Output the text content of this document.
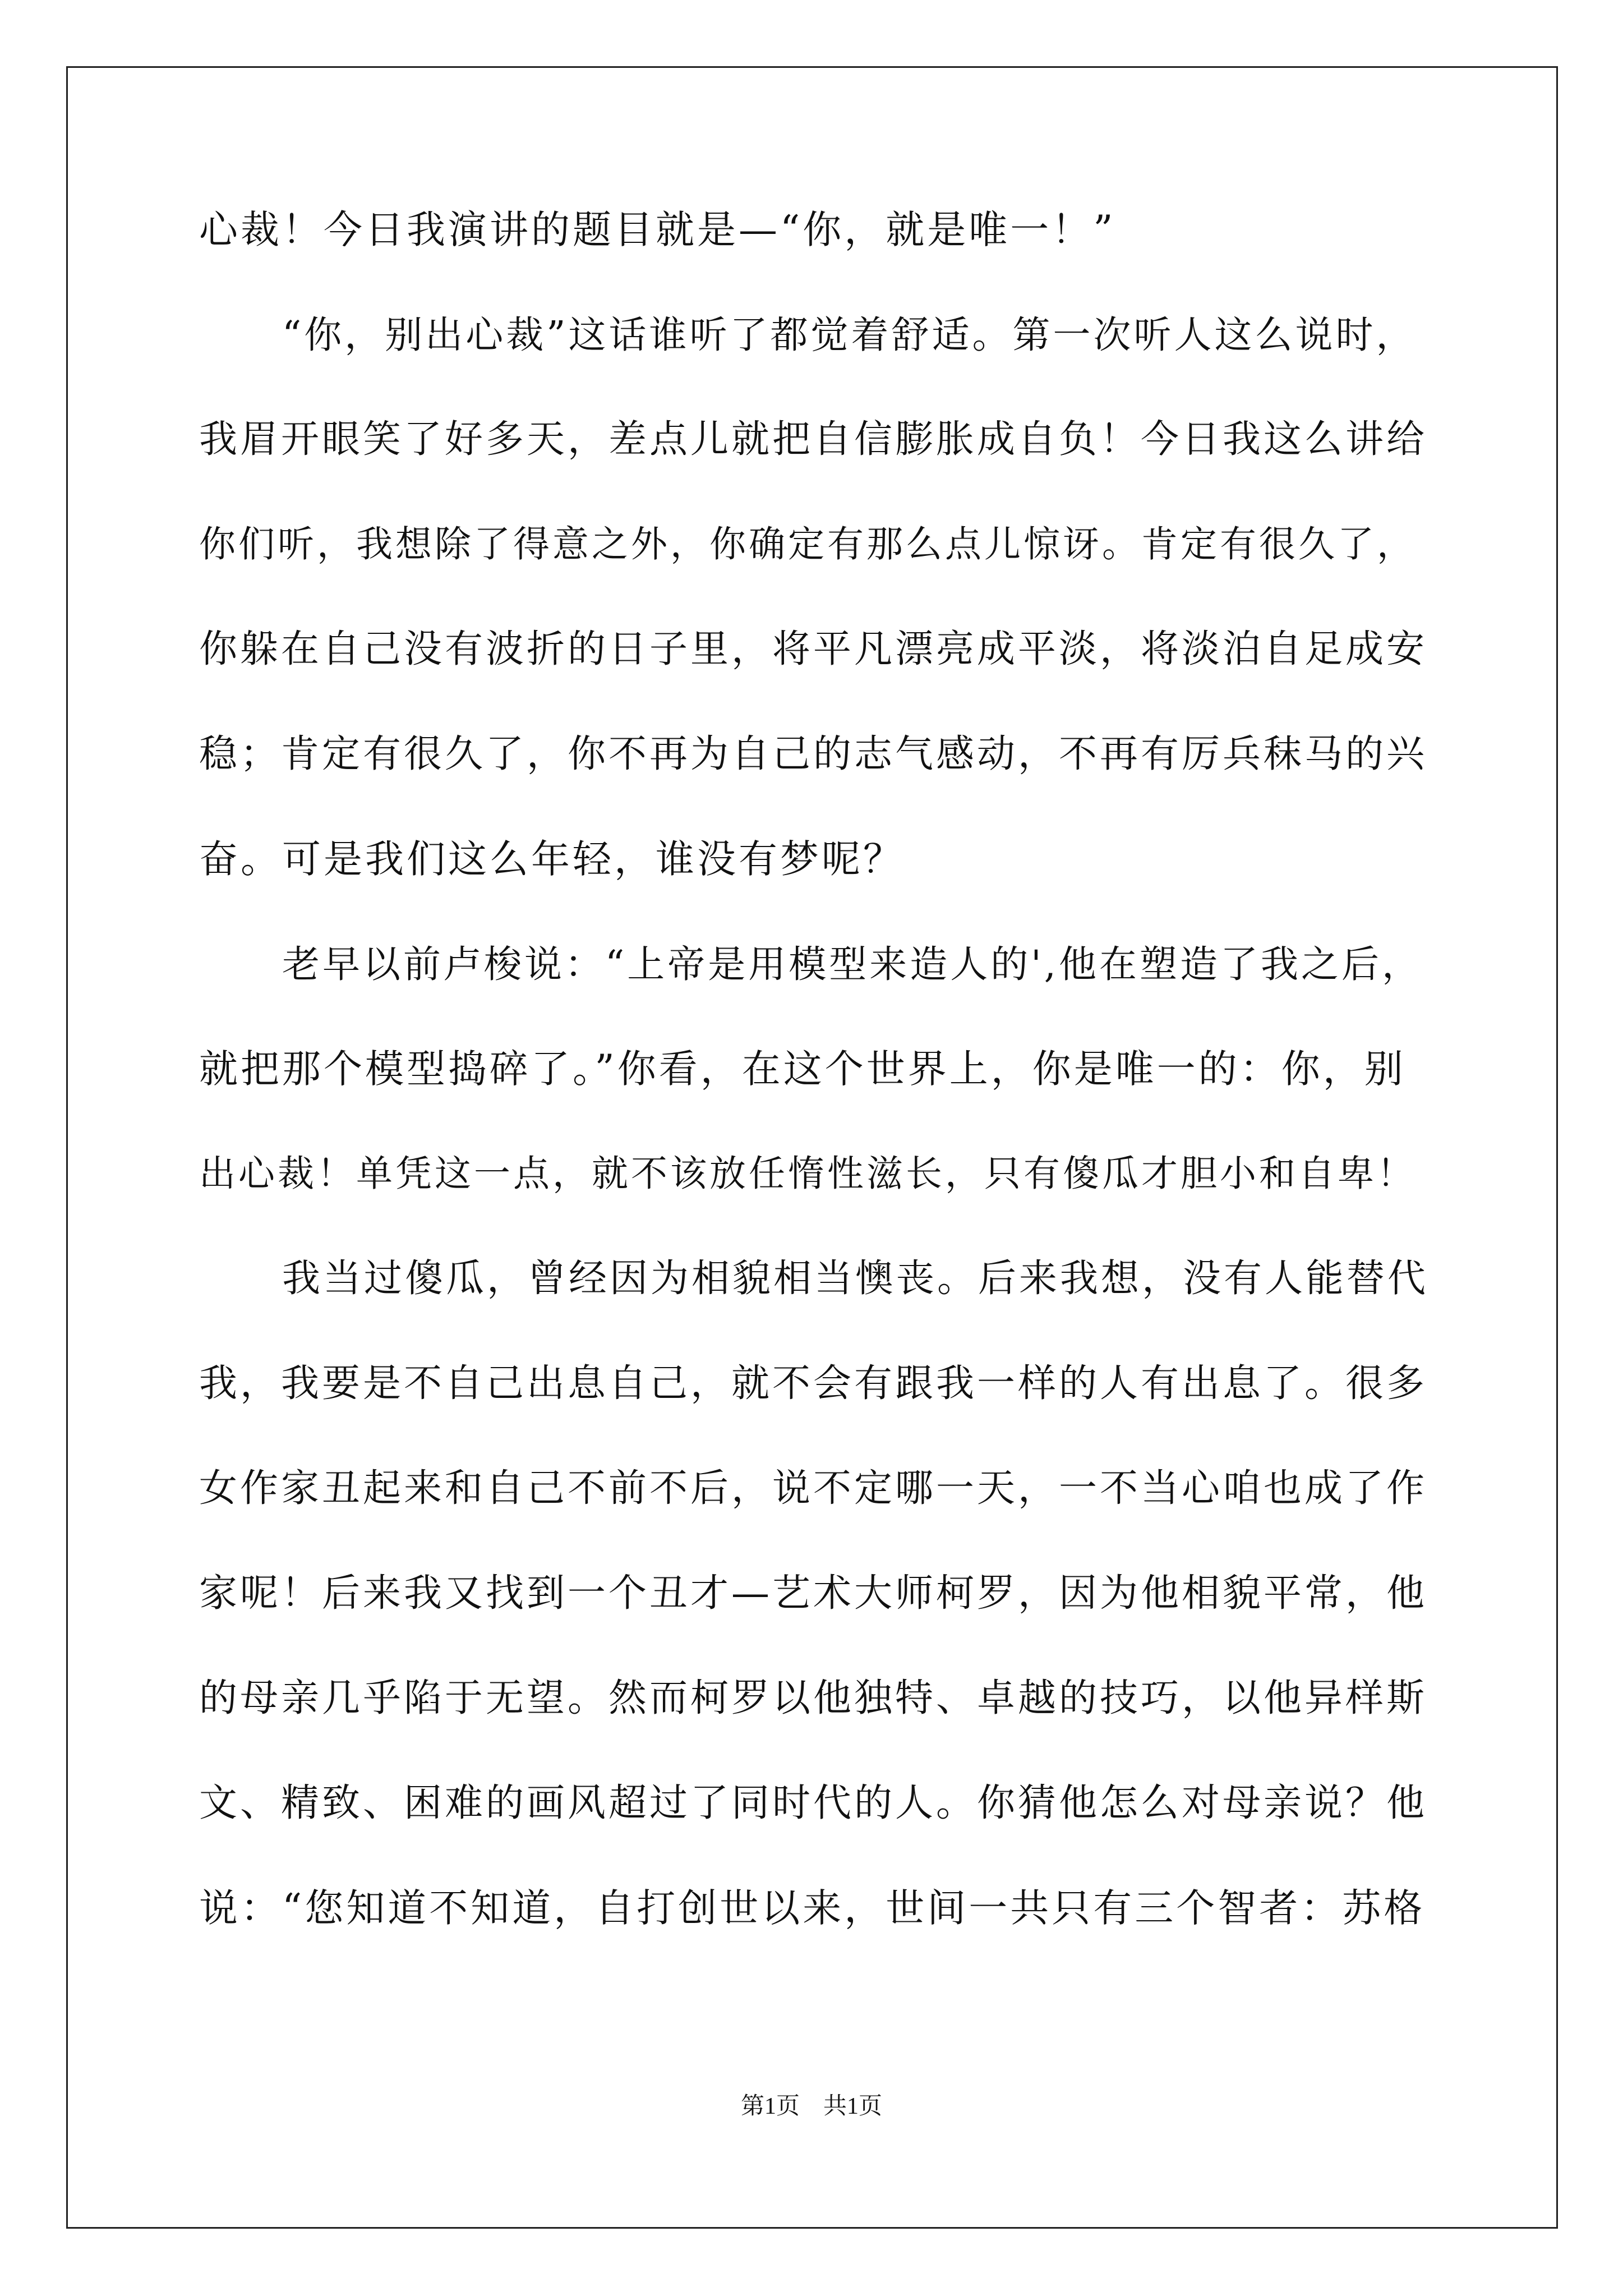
心裁！今日我演讲的题目就是—“你，就是唯一！”
“你，别出心裁”这话谁听了都觉着舒适。第一次听人这么说时，
我眉开眼笑了好多天，差点儿就把自信膨胀成自负！今日我这么讲给
你们听，我想除了得意之外，你确定有那么点儿惊讶。肯定有很久了，
你躲在自己没有波折的日子里，将平凡漂亮成平淡，将淡泊自足成安
稳；肯定有很久了，你不再为自己的志气感动，不再有厉兵秣马的兴
奋。可是我们这么年轻，谁没有梦呢？
老早以前卢梭说：“上帝是用模型来造人的',他在塑造了我之后，
就把那个模型捣碎了。”你看，在这个世界上，你是唯一的：你，别
出心裁！单凭这一点，就不该放任惰性滋长，只有傻瓜才胆小和自卑！
我当过傻瓜，曾经因为相貌相当懊丧。后来我想，没有人能替代
我，我要是不自己出息自己，就不会有跟我一样的人有出息了。很多
女作家丑起来和自己不前不后，说不定哪一天，一不当心咱也成了作
家呢！后来我又找到一个丑才—艺术大师柯罗，因为他相貌平常，他
的母亲几乎陷于无望。然而柯罗以他独特、卓越的技巧，以他异样斯
文、精致、困难的画风超过了同时代的人。你猜他怎么对母亲说？他
说：“您知道不知道，自打创世以来，世间一共只有三个智者：苏格
第1页　共1页
